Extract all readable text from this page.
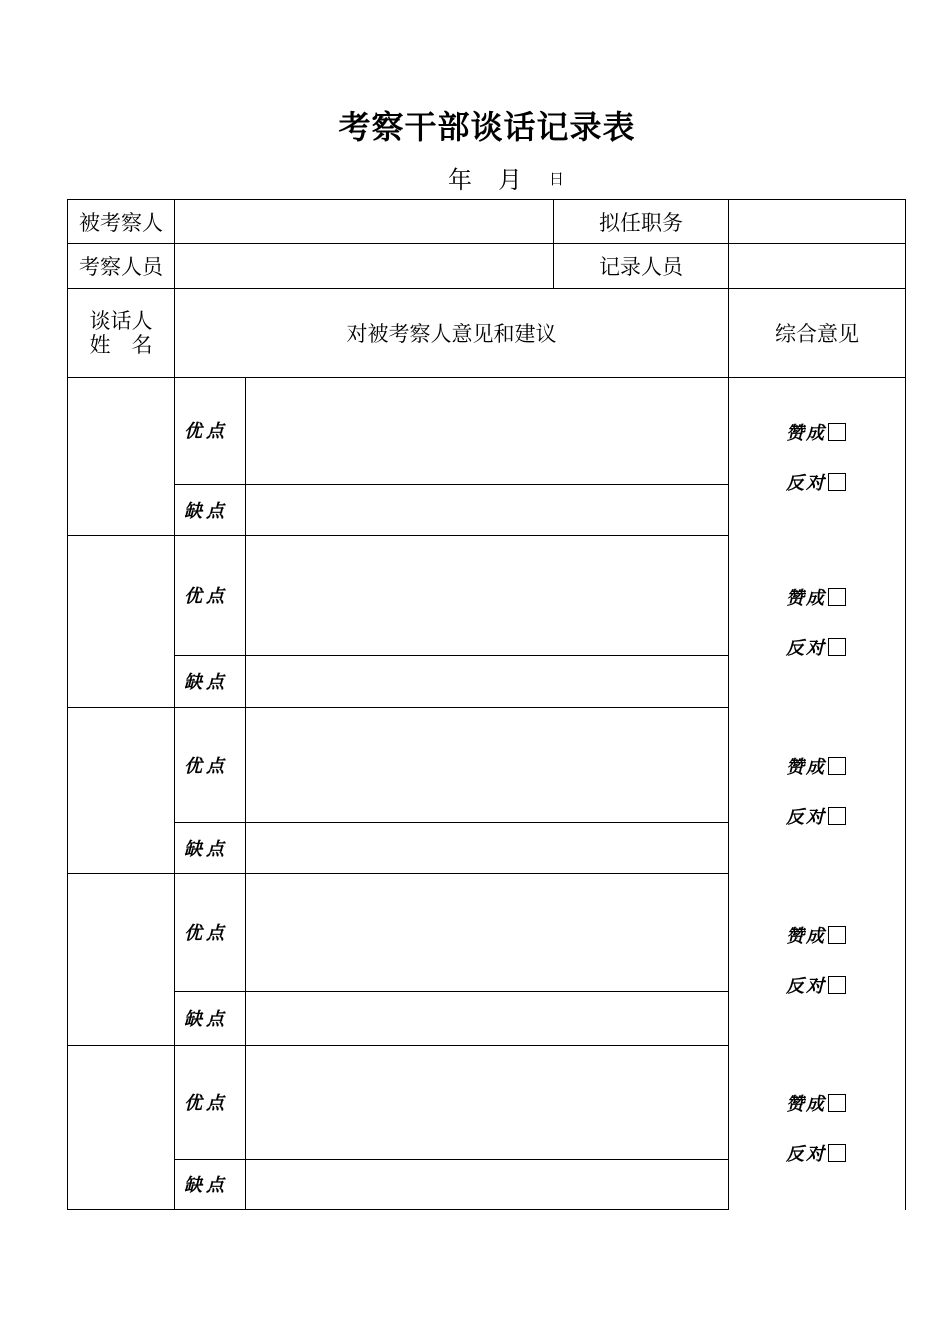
考察干部谈话记录表
年 月 日
被考察人	拟任职务
考察人员	记录人员
谈话人
姓　名	对被考察人意见和建议	综合意见
优点
缺点
赞成
反对
优点
缺点
赞成
反对
优点
缺点
赞成
反对
优点
缺点
赞成
反对
优点
缺点
赞成
反对
